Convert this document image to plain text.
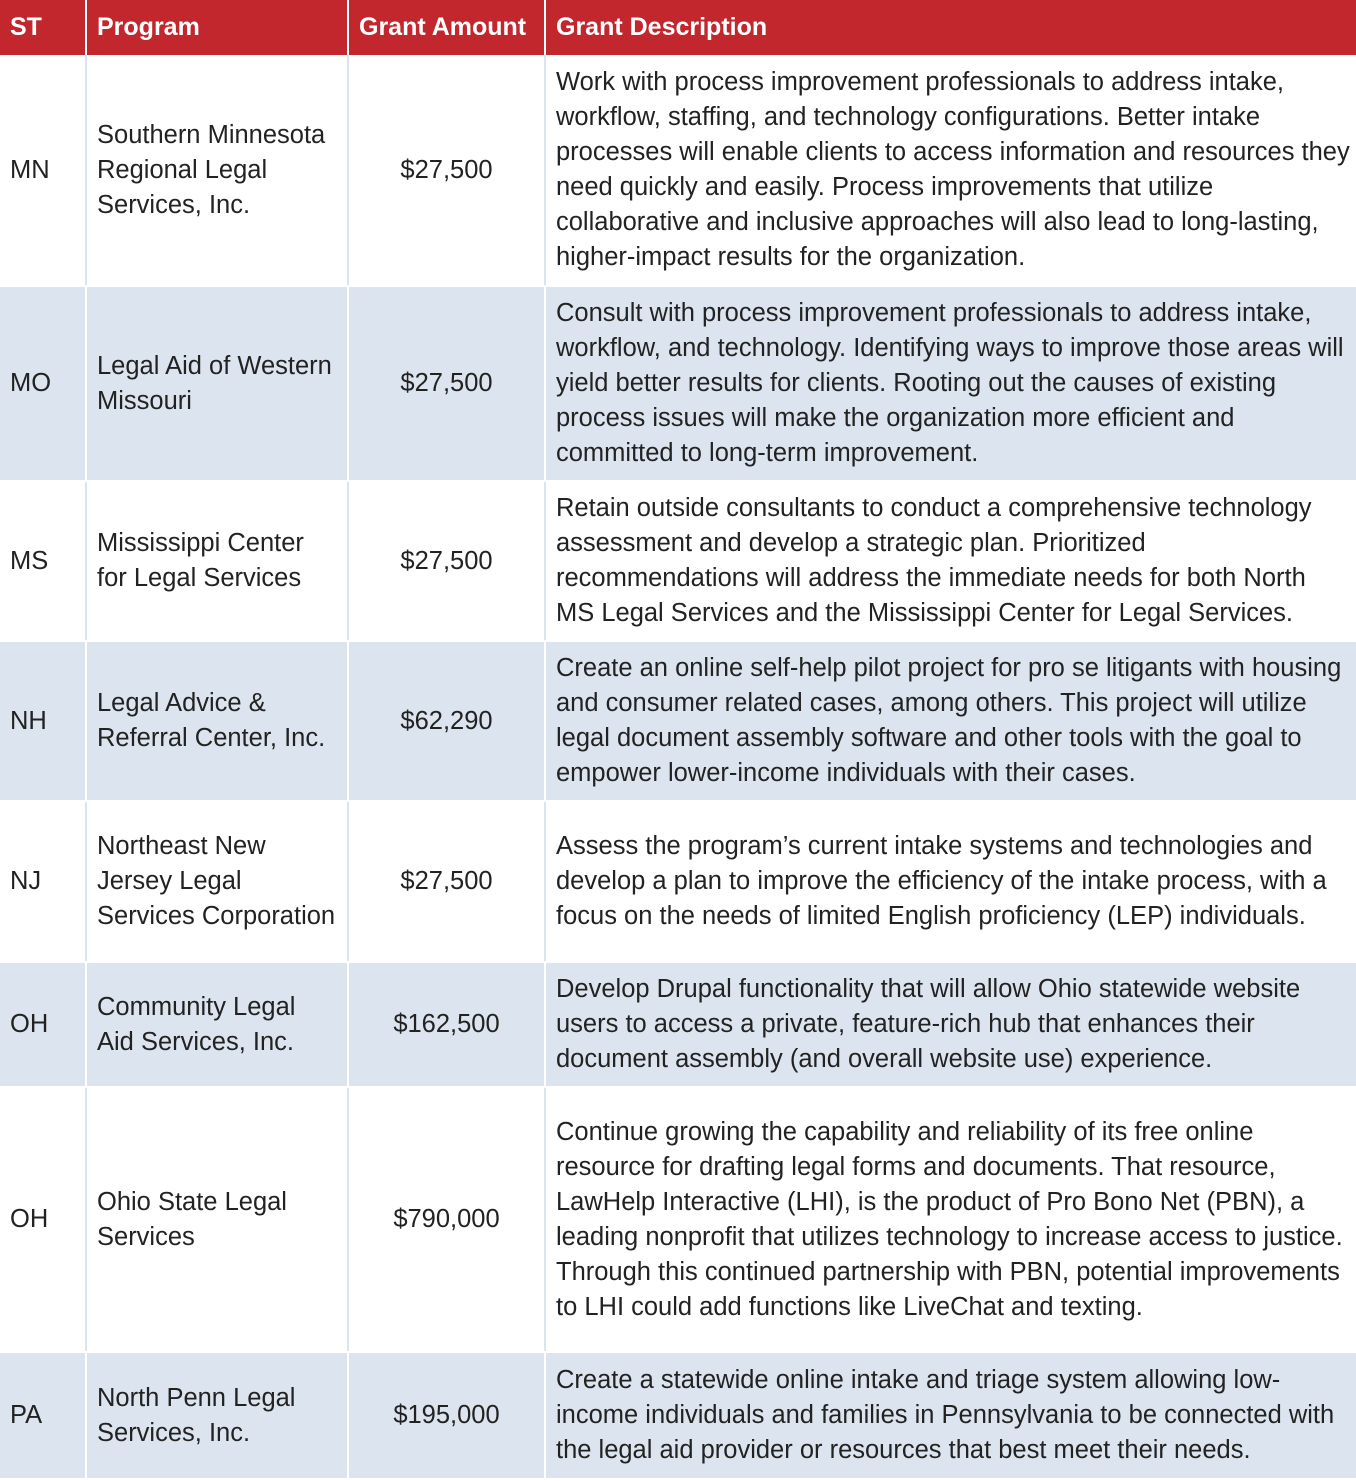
ST	Program	Grant Amount	Grant Description
MN	Southern Minnesota Regional Legal Services, Inc.	$27,500	Work with process improvement professionals to address intake, workflow, staffing, and technology configurations. Better intake processes will enable clients to access information and resources they need quickly and easily. Process improvements that utilize collaborative and inclusive approaches will also lead to long-lasting, higher-impact results for the organization.
MO	Legal Aid of Western Missouri	$27,500	Consult with process improvement professionals to address intake, workflow, and technology. Identifying ways to improve those areas will yield better results for clients. Rooting out the causes of existing process issues will make the organization more efficient and committed to long-term improvement.
MS	Mississippi Center for Legal Services	$27,500	Retain outside consultants to conduct a comprehensive technology assessment and develop a strategic plan. Prioritized recommendations will address the immediate needs for both North MS Legal Services and the Mississippi Center for Legal Services.
NH	Legal Advice & Referral Center, Inc.	$62,290	Create an online self-help pilot project for pro se litigants with housing and consumer related cases, among others. This project will utilize legal document assembly software and other tools with the goal to empower lower-income individuals with their cases.
NJ	Northeast New Jersey Legal Services Corporation	$27,500	Assess the program’s current intake systems and technologies and develop a plan to improve the efficiency of the intake process, with a focus on the needs of limited English proficiency (LEP) individuals.
OH	Community Legal Aid Services, Inc.	$162,500	Develop Drupal functionality that will allow Ohio statewide website users to access a private, feature-rich hub that enhances their document assembly (and overall website use) experience.
OH	Ohio State Legal Services	$790,000	Continue growing the capability and reliability of its free online resource for drafting legal forms and documents. That resource, LawHelp Interactive (LHI), is the product of Pro Bono Net (PBN), a leading nonprofit that utilizes technology to increase access to justice. Through this continued partnership with PBN, potential improvements to LHI could add functions like LiveChat and texting.
PA	North Penn Legal Services, Inc.	$195,000	Create a statewide online intake and triage system allowing low-income individuals and families in Pennsylvania to be connected with the legal aid provider or resources that best meet their needs.
